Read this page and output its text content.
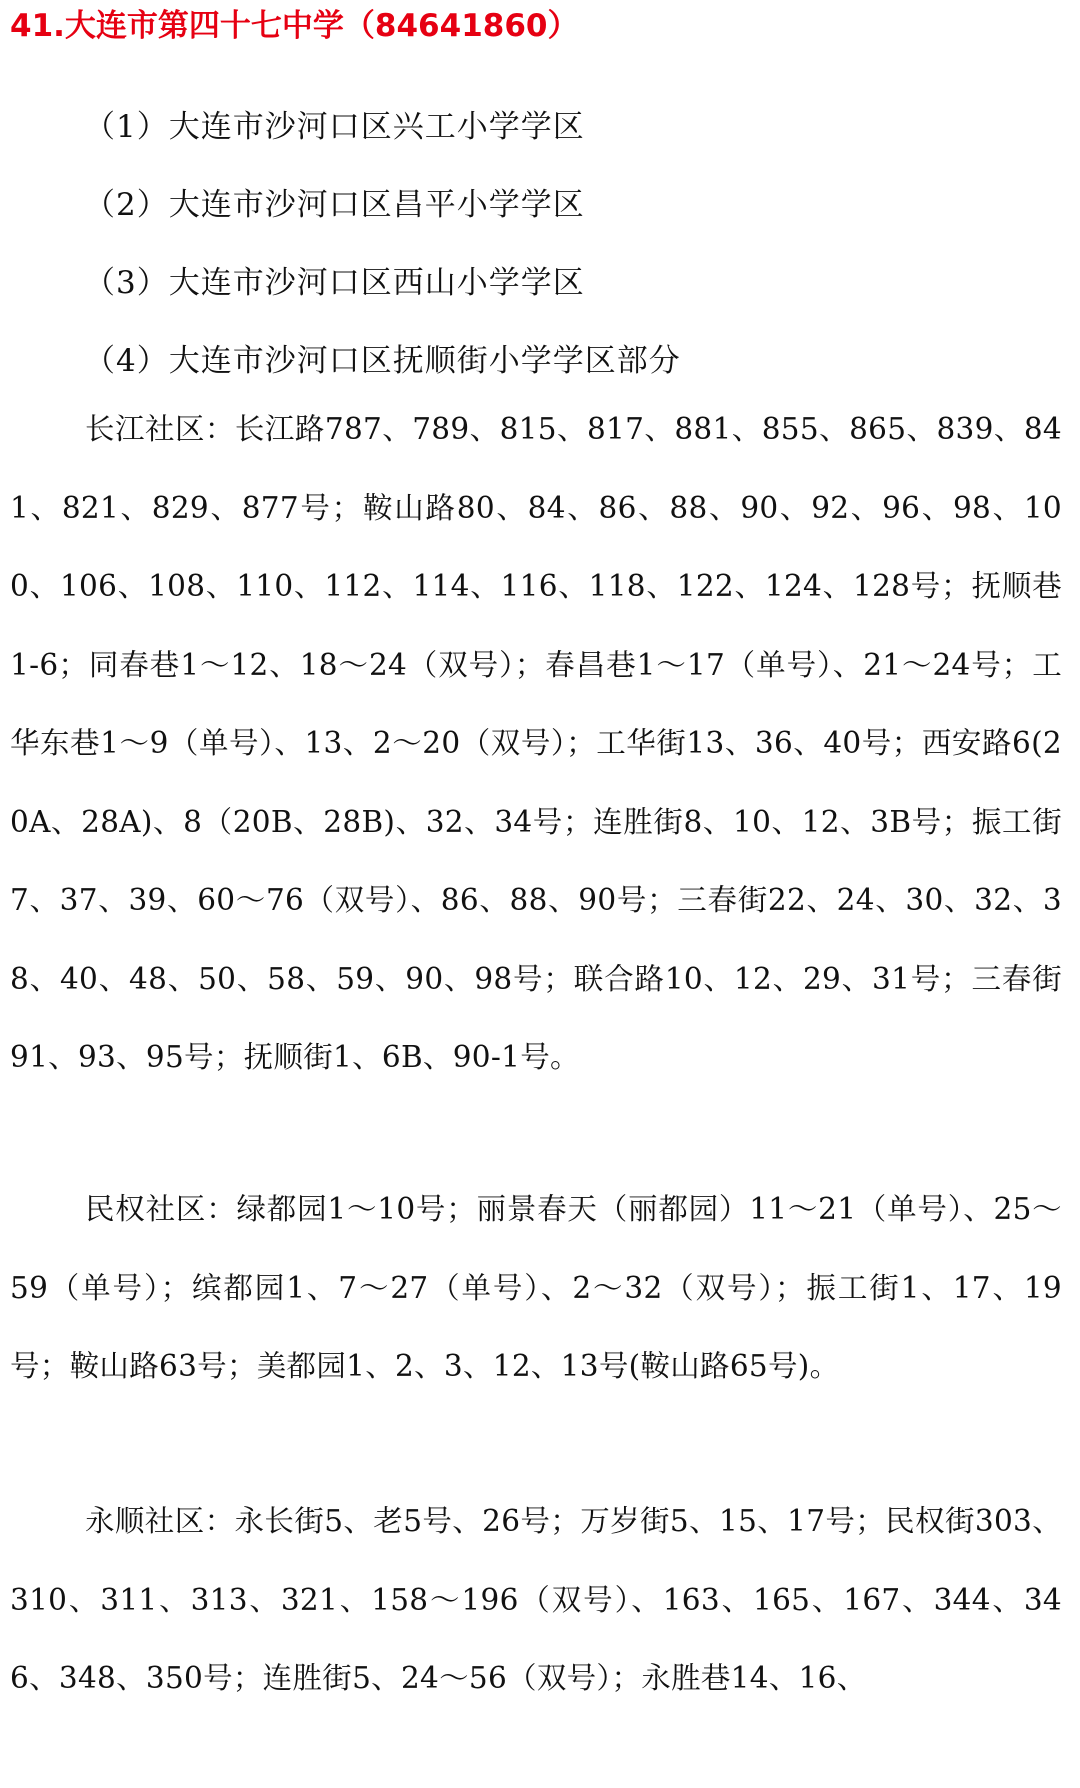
41.大连市第四十七中学（84641860）
（1）大连市沙河口区兴工小学学区
（2）大连市沙河口区昌平小学学区
（3）大连市沙河口区西山小学学区
（4）大连市沙河口区抚顺街小学学区部分

长江社区：长江路787、789、815、817、881、855、865、839、841、821、829、877号；鞍山路80、84、86、88、90、92、96、98、100、106、108、110、112、114、116、118、122、124、128号；抚顺巷1-6；同春巷1～12、18～24（双号）；春昌巷1～17（单号）、21～24号；工华东巷1～9（单号）、13、2～20（双号）；工华街13、36、40号；西安路6(20A、28A)、8（20B、28B)、32、34号；连胜街8、10、12、3B号；振工街7、37、39、60～76（双号）、86、88、90号；三春街22、24、30、32、38、40、48、50、58、59、90、98号；联合路10、12、29、31号；三春街91、93、95号；抚顺街1、6B、90-1号。

民权社区：绿都园1～10号；丽景春天（丽都园）11～21（单号）、25～59（单号）；缤都园1、7～27（单号）、2～32（双号）；振工街1、17、19号；鞍山路63号；美都园1、2、3、12、13号(鞍山路65号)。

永顺社区：永长街5、老5号、26号；万岁街5、15、17号；民权街303、310、311、313、321、158～196（双号）、163、165、167、344、346、348、350号；连胜街5、24～56（双号）；永胜巷14、16、
